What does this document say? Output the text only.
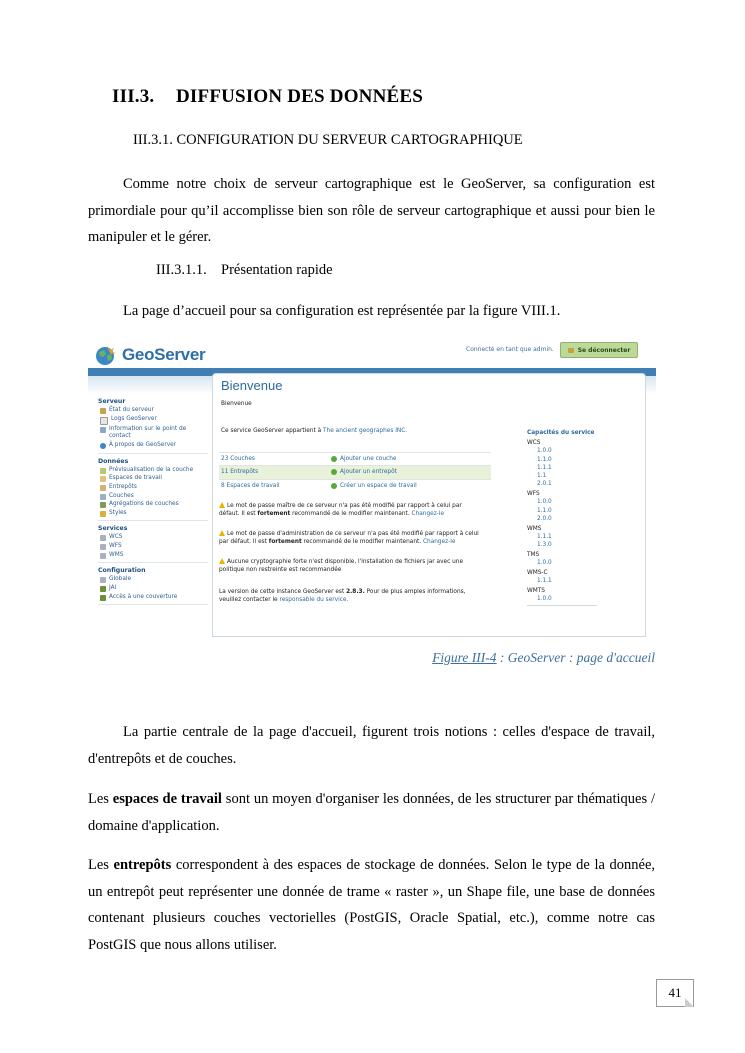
III.3. DIFFUSION DES DONNÉES
III.3.1. CONFIGURATION DU SERVEUR CARTOGRAPHIQUE

Comme notre choix de serveur cartographique est le GeoServer, sa configuration est primordiale pour qu’il accomplisse bien son rôle de serveur cartographique et aussi pour bien le manipuler et le gérer.

III.3.1.1. Présentation rapide

La page d’accueil pour sa configuration est représentée par la figure VIII.1.

GeoServer	Connecté en tant que admin.	Se déconnecter
Serveur
État du serveur
Logs GeoServer
Information sur le point de contact
À propos de GeoServer
Données
Prévisualisation de la couche
Espaces de travail
Entrepôts
Couches
Agrégations de couches
Styles
Services
WCS
WFS
WMS
Configuration
Globale
JAI
Accès à une couverture
Bienvenue
Bienvenue
Ce service GeoServer appartient à The ancient geographes INC.
23 Couches	Ajouter une couche
11 Entrepôts	Ajouter un entrepôt
8 Espaces de travail	Créer un espace de travail
Le mot de passe maître de ce serveur n'a pas été modifié par rapport à celui par
défaut. Il est fortement recommandé de le modifier maintenant. Changez-le
Le mot de passe d'administration de ce serveur n'a pas été modifié par rapport à celui
par défaut. Il est fortement recommandé de le modifier maintenant. Changez-le
Aucune cryptographie forte n'est disponible, l'installation de fichiers jar avec une
politique non restreinte est recommandée
La version de cette instance GeoServer est 2.8.3. Pour de plus amples informations,
veuillez contacter le responsable du service.
Capacités du service
WCS
1.0.0
1.1.0
1.1.1
1.1
2.0.1
WFS
1.0.0
1.1.0
2.0.0
WMS
1.1.1
1.3.0
TMS
1.0.0
WMS-C
1.1.1
WMTS
1.0.0
Figure III-4 : GeoServer : page d'accueil

La partie centrale de la page d'accueil, figurent trois notions : celles d'espace de travail, d'entrepôts et de couches.

Les espaces de travail sont un moyen d'organiser les données, de les structurer par thématiques / domaine d'application.

Les entrepôts correspondent à des espaces de stockage de données. Selon le type de la donnée, un entrepôt peut représenter une donnée de trame « raster », un Shape file, une base de données contenant plusieurs couches vectorielles (PostGIS, Oracle Spatial, etc.), comme notre cas PostGIS que nous allons utiliser.

41
